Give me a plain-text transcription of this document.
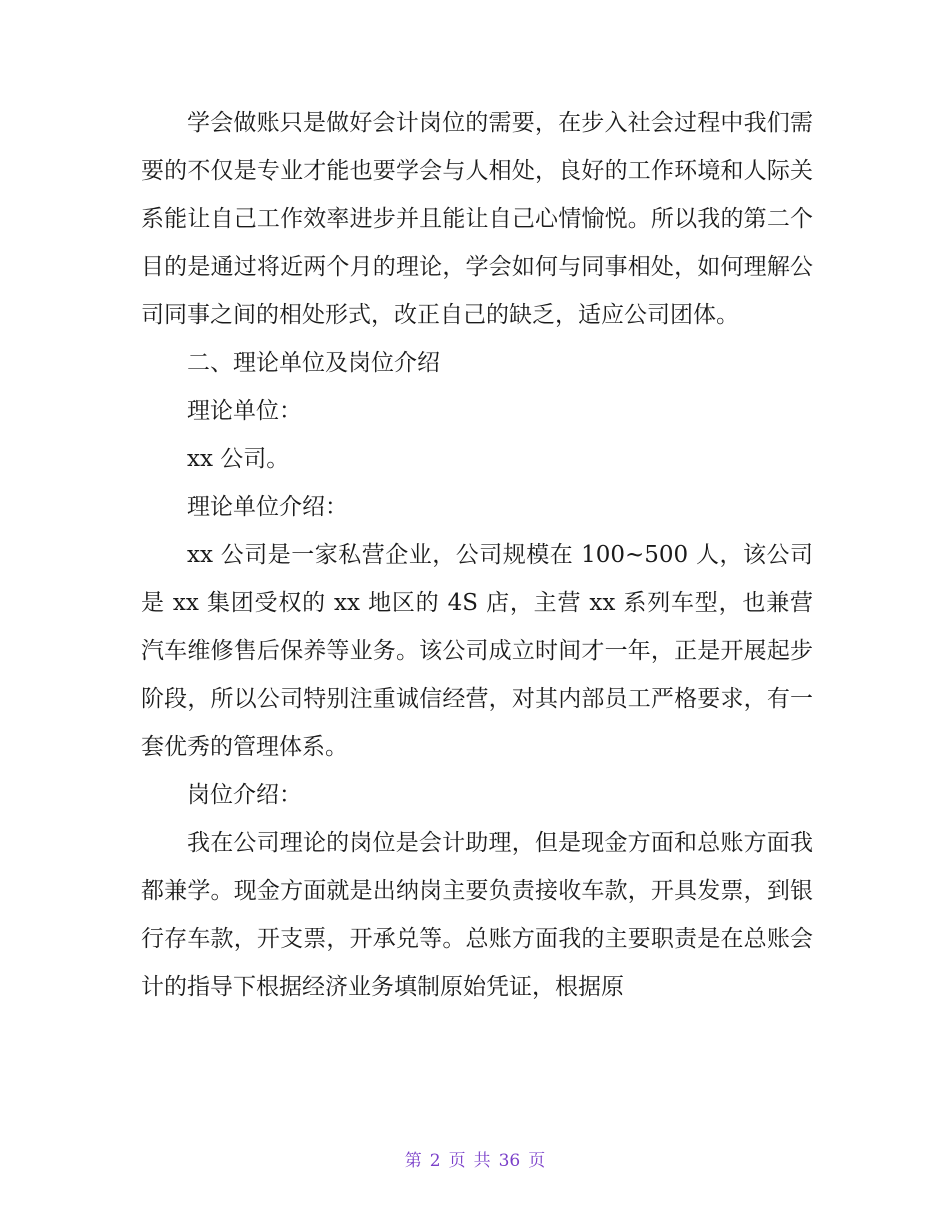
学会做账只是做好会计岗位的需要，在步入社会过程中我们需要的不仅是专业才能也要学会与人相处，良好的工作环境和人际关系能让自己工作效率进步并且能让自己心情愉悦。所以我的第二个目的是通过将近两个月的理论，学会如何与同事相处，如何理解公司同事之间的相处形式，改正自己的缺乏，适应公司团体。

二、理论单位及岗位介绍

理论单位：

xx 公司。

理论单位介绍：

xx 公司是一家私营企业，公司规模在 100~500 人，该公司是 xx 集团受权的 xx 地区的 4S 店，主营 xx 系列车型，也兼营汽车维修售后保养等业务。该公司成立时间才一年，正是开展起步阶段，所以公司特别注重诚信经营，对其内部员工严格要求，有一套优秀的管理体系。

岗位介绍：

我在公司理论的岗位是会计助理，但是现金方面和总账方面我都兼学。现金方面就是出纳岗主要负责接收车款，开具发票，到银行存车款，开支票，开承兑等。总账方面我的主要职责是在总账会计的指导下根据经济业务填制原始凭证，根据原

第 2 页 共 36 页
